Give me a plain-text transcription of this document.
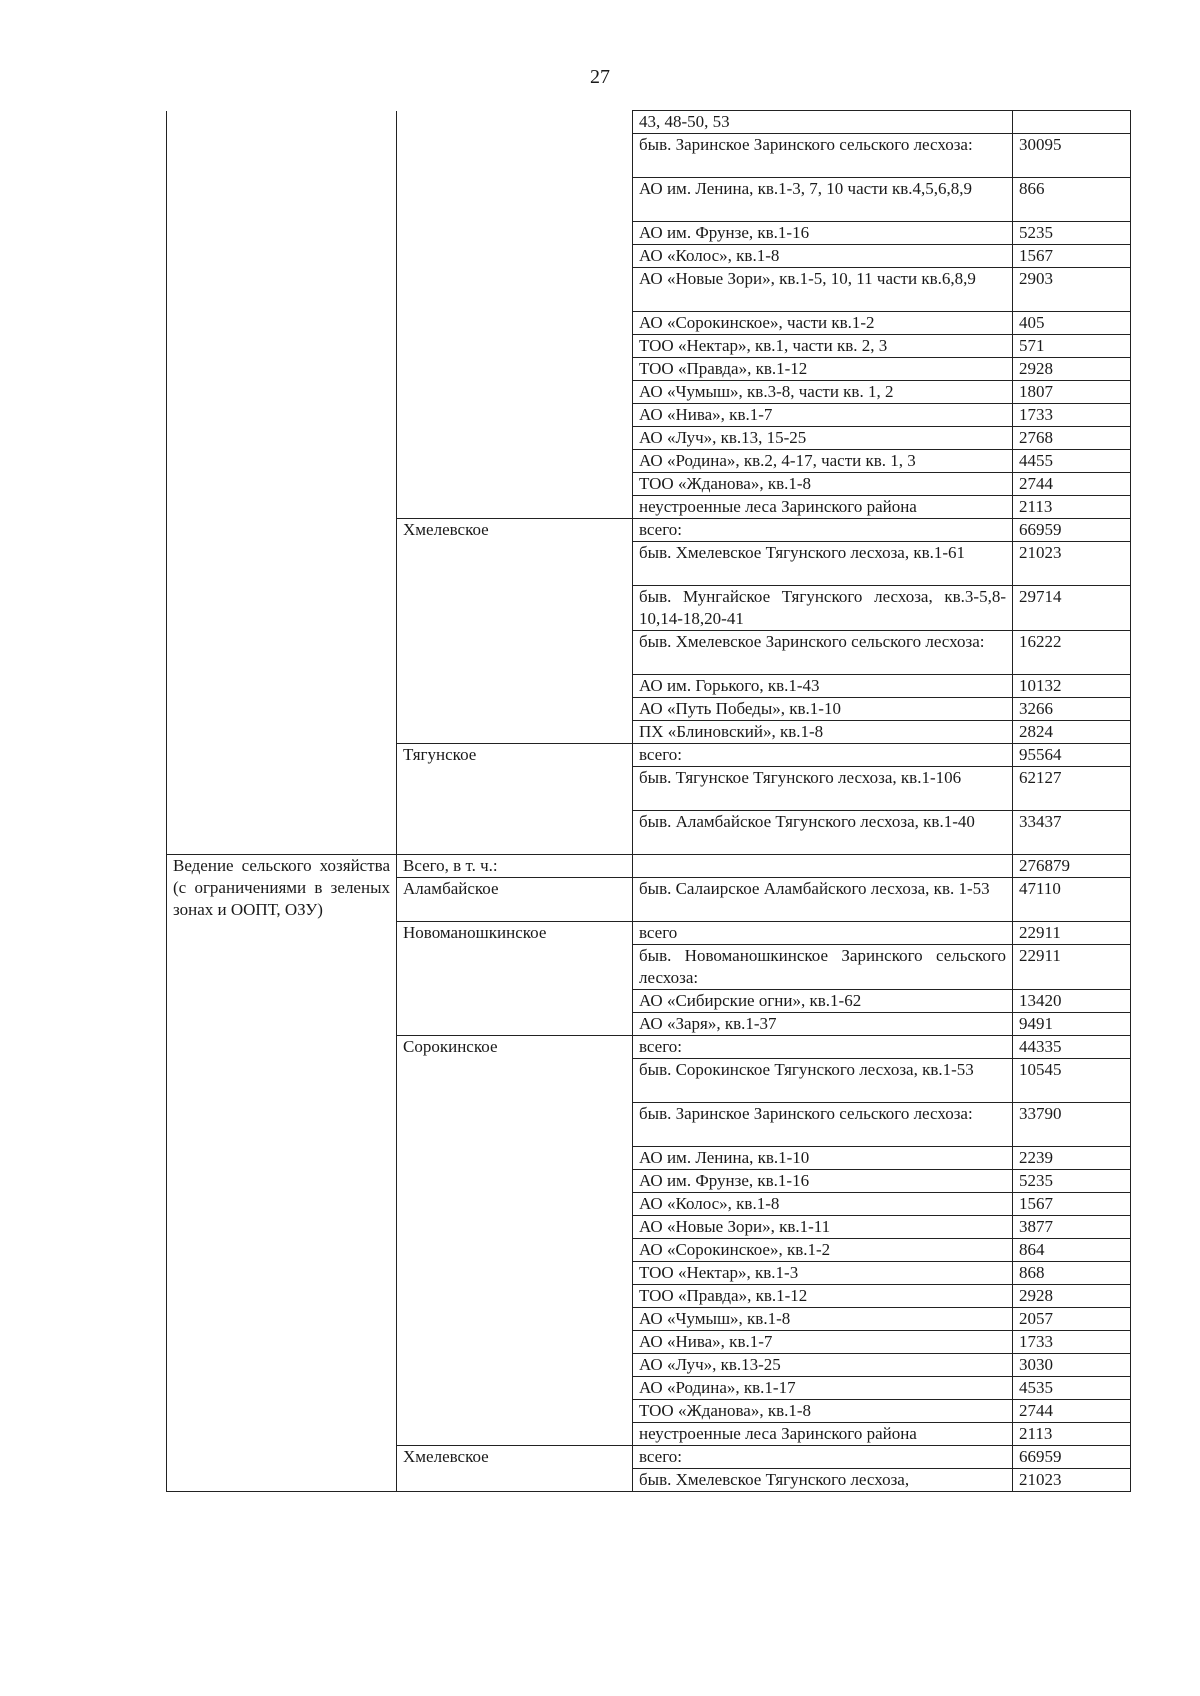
27
		43, 48-50, 53	
		быв. Заринское Заринского сельского лесхоза:	30095
		АО им. Ленина, кв.1-3, 7, 10 части кв.4,5,6,8,9	866
		АО им. Фрунзе, кв.1-16	5235
		АО «Колос», кв.1-8	1567
		АО «Новые Зори», кв.1-5, 10, 11 части кв.6,8,9	2903
		АО «Сорокинское», части кв.1-2	405
		ТОО «Нектар», кв.1, части кв. 2, 3	571
		ТОО «Правда», кв.1-12	2928
		АО «Чумыш», кв.3-8, части кв. 1, 2	1807
		АО «Нива», кв.1-7	1733
		АО «Луч», кв.13, 15-25	2768
		АО «Родина», кв.2, 4-17, части кв. 1, 3	4455
		ТОО «Жданова», кв.1-8	2744
		неустроенные леса Заринского района	2113
	Хмелевское	всего:	66959
		быв. Хмелевское Тягунского лесхоза, кв.1-61	21023
		быв. Мунгайское Тягунского лесхоза, кв.3-5,8-10,14-18,20-41	29714
		быв. Хмелевское Заринского сельского лесхоза:	16222
		АО им. Горького, кв.1-43	10132
		АО «Путь Победы», кв.1-10	3266
		ПХ «Блиновский», кв.1-8	2824
	Тягунское	всего:	95564
		быв. Тягунское Тягунского лесхоза, кв.1-106	62127
		быв. Аламбайское Тягунского лесхоза, кв.1-40	33437
Ведение сельского хозяйства (с ограничениями в зеленых зонах и ООПТ, ОЗУ)	Всего, в т. ч.:		276879
	Аламбайское	быв. Салаирское Аламбайского лесхоза, кв. 1-53	47110
	Новоманошкинское	всего	22911
		быв. Новоманошкинское Заринского сельского лесхоза:	22911
		АО «Сибирские огни», кв.1-62	13420
		АО «Заря», кв.1-37	9491
	Сорокинское	всего:	44335
		быв. Сорокинское Тягунского лесхоза, кв.1-53	10545
		быв. Заринское Заринского сельского лесхоза:	33790
		АО им. Ленина, кв.1-10	2239
		АО им. Фрунзе, кв.1-16	5235
		АО «Колос», кв.1-8	1567
		АО «Новые Зори», кв.1-11	3877
		АО «Сорокинское», кв.1-2	864
		ТОО «Нектар», кв.1-3	868
		ТОО «Правда», кв.1-12	2928
		АО «Чумыш», кв.1-8	2057
		АО «Нива», кв.1-7	1733
		АО «Луч», кв.13-25	3030
		АО «Родина», кв.1-17	4535
		ТОО «Жданова», кв.1-8	2744
		неустроенные леса Заринского района	2113
	Хмелевское	всего:	66959
		быв. Хмелевское Тягунского лесхоза,	21023
